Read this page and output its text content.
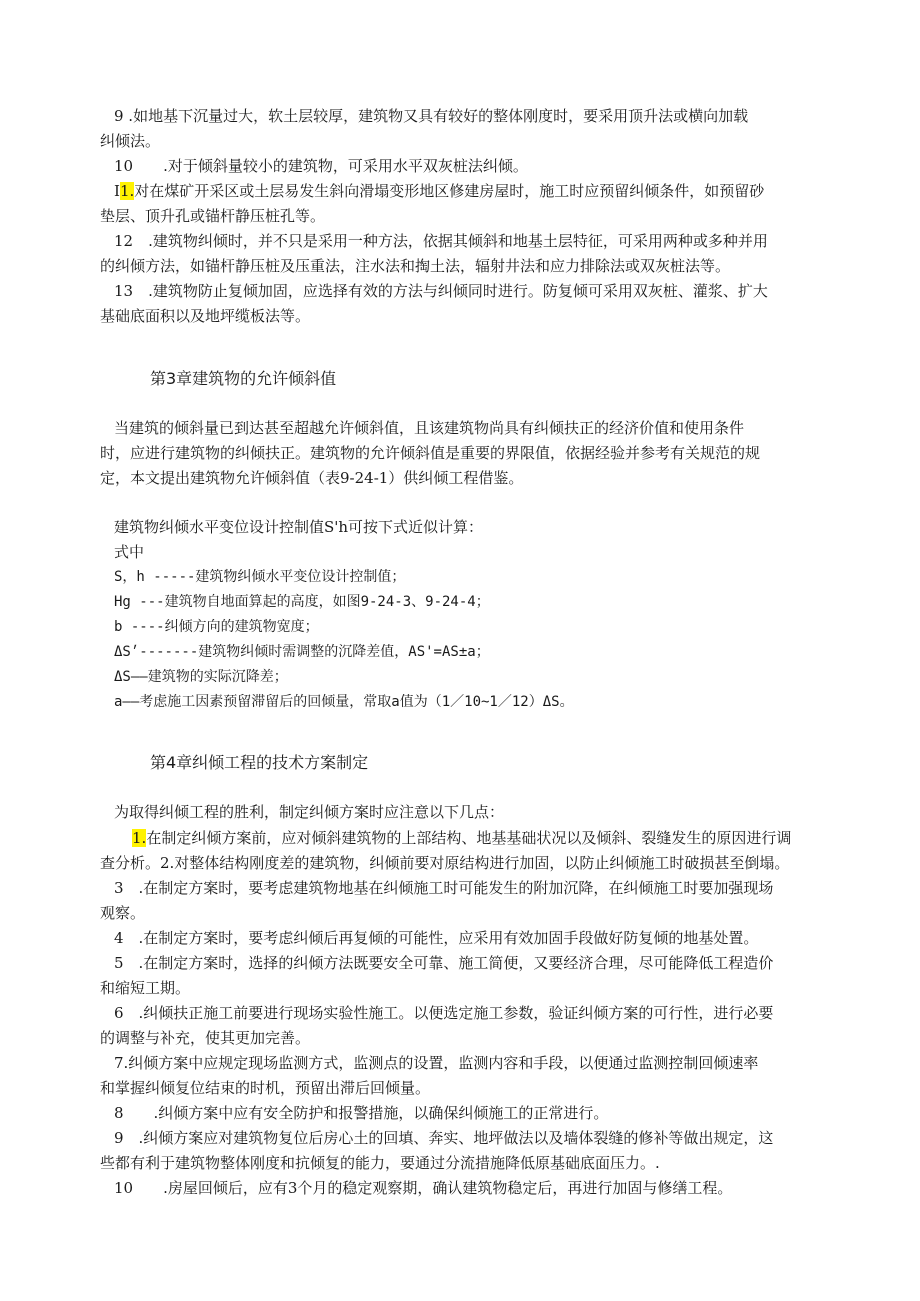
9 .如地基下沉量过大，软土层较厚，建筑物又具有较好的整体刚度时，要采用顶升法或横向加载

纠倾法。

10　　.对于倾斜量较小的建筑物，可采用水平双灰桩法纠倾。

I1.对在煤矿开采区或土层易发生斜向滑塌变形地区修建房屋时，施工时应预留纠倾条件，如预留砂

垫层、顶升孔或锚杆静压桩孔等。

12　.建筑物纠倾时，并不只是采用一种方法，依据其倾斜和地基土层特征，可采用两种或多种并用

的纠倾方法，如锚杆静压桩及压重法，注水法和掏土法，辐射井法和应力排除法或双灰桩法等。

13　.建筑物防止复倾加固，应选择有效的方法与纠倾同时进行。防复倾可采用双灰桩、灌浆、扩大

基础底面积以及地坪缆板法等。

第3章建筑物的允许倾斜值

当建筑的倾斜量已到达甚至超越允许倾斜值，且该建筑物尚具有纠倾扶正的经济价值和使用条件

时，应进行建筑物的纠倾扶正。建筑物的允许倾斜值是重要的界限值，依据经验并参考有关规范的规

定，本文提出建筑物允许倾斜值（表9-24-1）供纠倾工程借鉴。

建筑物纠倾水平变位设计控制值S'h可按下式近似计算：

式中

S，h -----建筑物纠倾水平变位设计控制值；

Hg ---建筑物自地面算起的高度，如图9-24-3、9-24-4；

b ----纠倾方向的建筑物宽度；

ΔS׳-------建筑物纠倾时需调整的沉降差值，AS'=AS±a；

ΔS——建筑物的实际沉降差；

a——考虑施工因素预留滞留后的回倾量，常取a值为（1／10~1／12）ΔS。

第4章纠倾工程的技术方案制定

为取得纠倾工程的胜利，制定纠倾方案时应注意以下几点：

1.在制定纠倾方案前，应对倾斜建筑物的上部结构、地基基础状况以及倾斜、裂缝发生的原因进行调

查分析。2.对整体结构刚度差的建筑物，纠倾前要对原结构进行加固，以防止纠倾施工时破损甚至倒塌。

3　.在制定方案时，要考虑建筑物地基在纠倾施工时可能发生的附加沉降，在纠倾施工时要加强现场

观察。

4　.在制定方案时，要考虑纠倾后再复倾的可能性，应采用有效加固手段做好防复倾的地基处置。

5　.在制定方案时，选择的纠倾方法既要安全可靠、施工简便，又要经济合理，尽可能降低工程造价

和缩短工期。

6　.纠倾扶正施工前要进行现场实验性施工。以便选定施工参数，验证纠倾方案的可行性，进行必要

的调整与补充，使其更加完善。

7.纠倾方案中应规定现场监测方式，监测点的设置，监测内容和手段，以便通过监测控制回倾速率

和掌握纠倾复位结束的时机，预留出滞后回倾量。

8　　.纠倾方案中应有安全防护和报警措施，以确保纠倾施工的正常进行。

9　.纠倾方案应对建筑物复位后房心土的回填、奔实、地坪做法以及墙体裂缝的修补等做出规定，这

些都有利于建筑物整体刚度和抗倾复的能力，要通过分流措施降低原基础底面压力。.

10　　.房屋回倾后，应有3个月的稳定观察期，确认建筑物稳定后，再进行加固与修缮工程。
